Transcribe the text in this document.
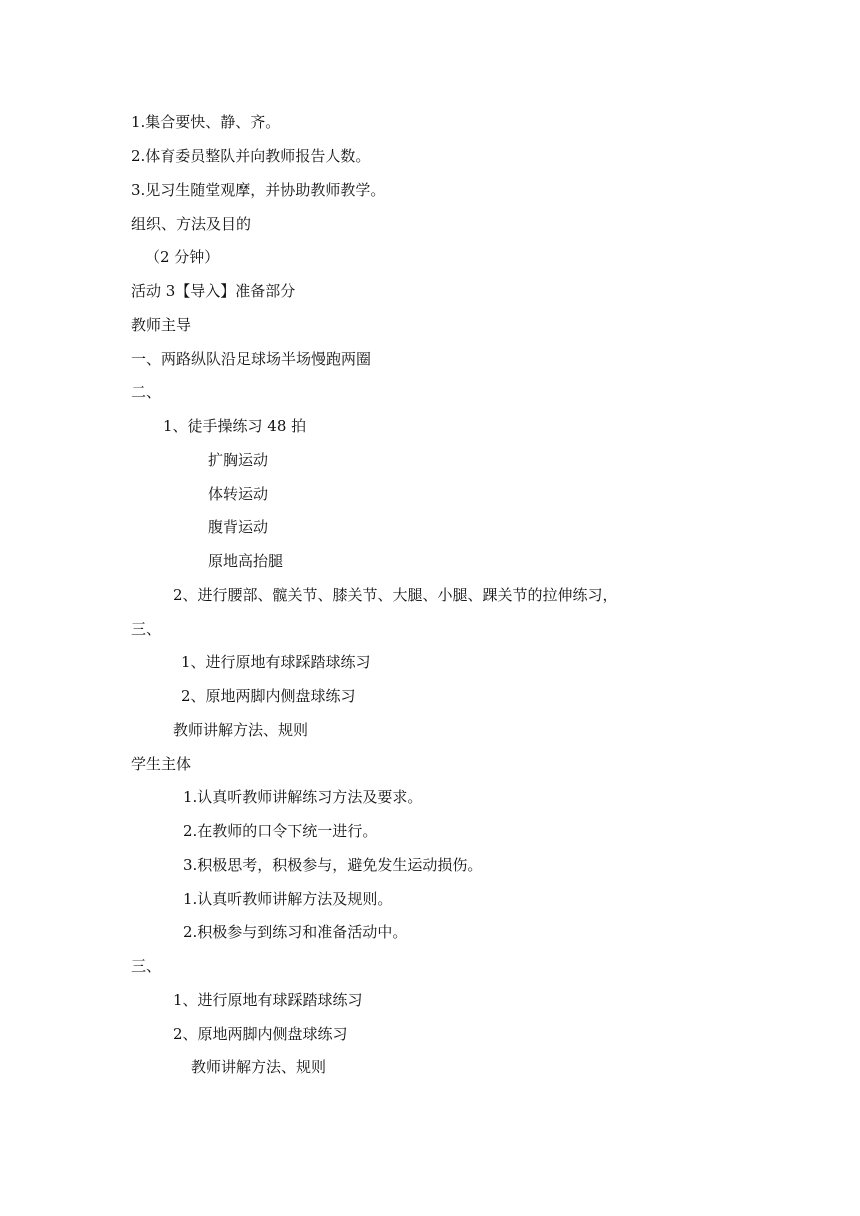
1.集合要快、静、齐。
2.体育委员整队并向教师报告人数。
3.见习生随堂观摩，并协助教师教学。
组织、方法及目的
（2 分钟）
活动 3【导入】准备部分
教师主导
一、两路纵队沿足球场半场慢跑两圈
二、
1、徒手操练习 48 拍
扩胸运动
体转运动
腹背运动
原地高抬腿
2、进行腰部、髋关节、膝关节、大腿、小腿、踝关节的拉伸练习，
三、
1、进行原地有球踩踏球练习
2、原地两脚内侧盘球练习
教师讲解方法、规则
学生主体
1.认真听教师讲解练习方法及要求。
2.在教师的口令下统一进行。
3.积极思考，积极参与，避免发生运动损伤。
1.认真听教师讲解方法及规则。
2.积极参与到练习和准备活动中。
三、
1、进行原地有球踩踏球练习
2、原地两脚内侧盘球练习
教师讲解方法、规则
